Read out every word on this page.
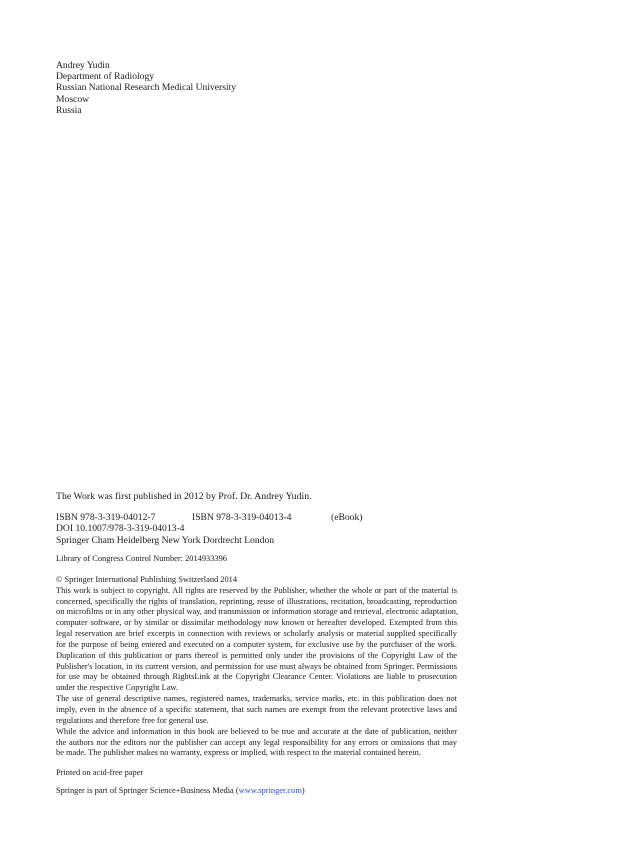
Andrey Yudin
Department of Radiology
Russian National Research Medical University
Moscow
Russia
The Work was first published in 2012 by Prof. Dr. Andrey Yudin.
ISBN 978-3-319-04012-7	ISBN 978-3-319-04013-4	(eBook)
DOI 10.1007/978-3-319-04013-4
Springer Cham Heidelberg New York Dordrecht London
Library of Congress Control Number: 2014933396
© Springer International Publishing Switzerland 2014
This work is subject to copyright. All rights are reserved by the Publisher, whether the whole or part of the material is
concerned, specifically the rights of translation, reprinting, reuse of illustrations, recitation, broadcasting, reproduction
on microfilms or in any other physical way, and transmission or information storage and retrieval, electronic adaptation,
computer software, or by similar or dissimilar methodology now known or hereafter developed. Exempted from this
legal reservation are brief excerpts in connection with reviews or scholarly analysis or material supplied specifically
for the purpose of being entered and executed on a computer system, for exclusive use by the purchaser of the work.
Duplication of this publication or parts thereof is permitted only under the provisions of the Copyright Law of the
Publisher's location, in its current version, and permission for use must always be obtained from Springer. Permissions
for use may be obtained through RightsLink at the Copyright Clearance Center. Violations are liable to prosecution
under the respective Copyright Law.
The use of general descriptive names, registered names, trademarks, service marks, etc. in this publication does not
imply, even in the absence of a specific statement, that such names are exempt from the relevant protective laws and
regulations and therefore free for general use.
While the advice and information in this book are believed to be true and accurate at the date of publication, neither
the authors nor the editors nor the publisher can accept any legal responsibility for any errors or omissions that may
be made. The publisher makes no warranty, express or implied, with respect to the material contained herein.
Printed on acid-free paper
Springer is part of Springer Science+Business Media (www.springer.com)
